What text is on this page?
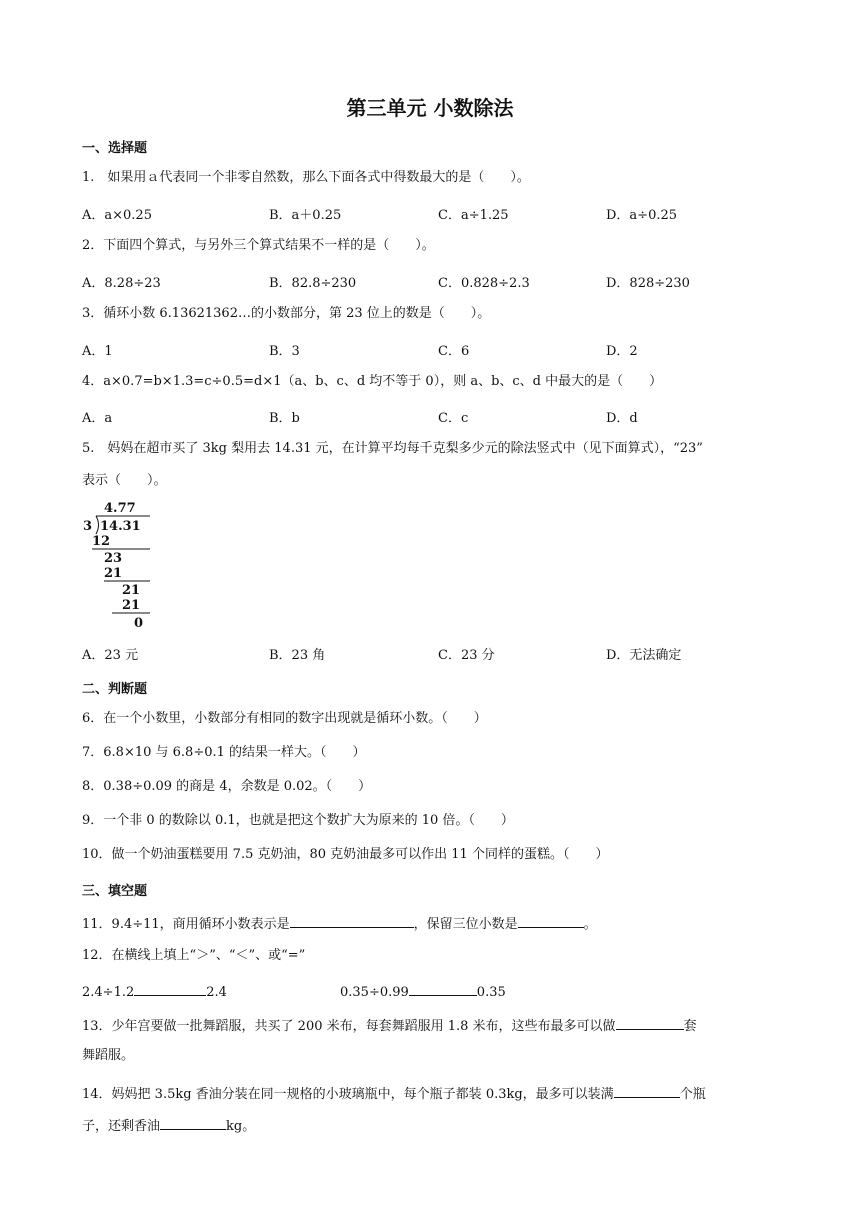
第三单元 小数除法
一、选择题
1.　如果用ａ代表同一个非零自然数，那么下面各式中得数最大的是（　　）。
A．a×0.25	B．a＋0.25	C．a÷1.25	D．a÷0.25
2．下面四个算式，与另外三个算式结果不一样的是（　　）。
A．8.28÷23	B．82.8÷230	C．0.828÷2.3	D．828÷230
3．循环小数 6.13621362…的小数部分，第 23 位上的数是（　　）。
A．1	B．3	C．6	D．2
4．a×0.7=b×1.3=c÷0.5=d×1（a、b、c、d 均不等于 0），则 a、b、c、d 中最大的是（　　）
A．a	B．b	C．c	D．d
5.　妈妈在超市买了 3kg 梨用去 14.31 元，在计算平均每千克梨多少元的除法竖式中（见下面算式），“23”
表示（　　）。
4.77
3 14.31
12
23
21
21
21
0
A．23 元	B．23 角	C．23 分	D．无法确定
二、判断题
6．在一个小数里，小数部分有相同的数字出现就是循环小数。（　　）
7．6.8×10 与 6.8÷0.1 的结果一样大。（　　）
8．0.38÷0.09 的商是 4，余数是 0.02。（　　）
9．一个非 0 的数除以 0.1，也就是把这个数扩大为原来的 10 倍。（　　）
10．做一个奶油蛋糕要用 7.5 克奶油，80 克奶油最多可以作出 11 个同样的蛋糕。（　　）
三、填空题
11．9.4÷11，商用循环小数表示是	，保留三位小数是	。
12．在横线上填上“＞”、“＜”、或“=”
2.4÷1.2	2.4	0.35÷0.99	0.35
13．少年宫要做一批舞蹈服，共买了 200 米布，每套舞蹈服用 1.8 米布，这些布最多可以做	套
舞蹈服。
14．妈妈把 3.5kg 香油分装在同一规格的小玻璃瓶中，每个瓶子都装 0.3kg，最多可以装满	个瓶
子，还剩香油	kg。
